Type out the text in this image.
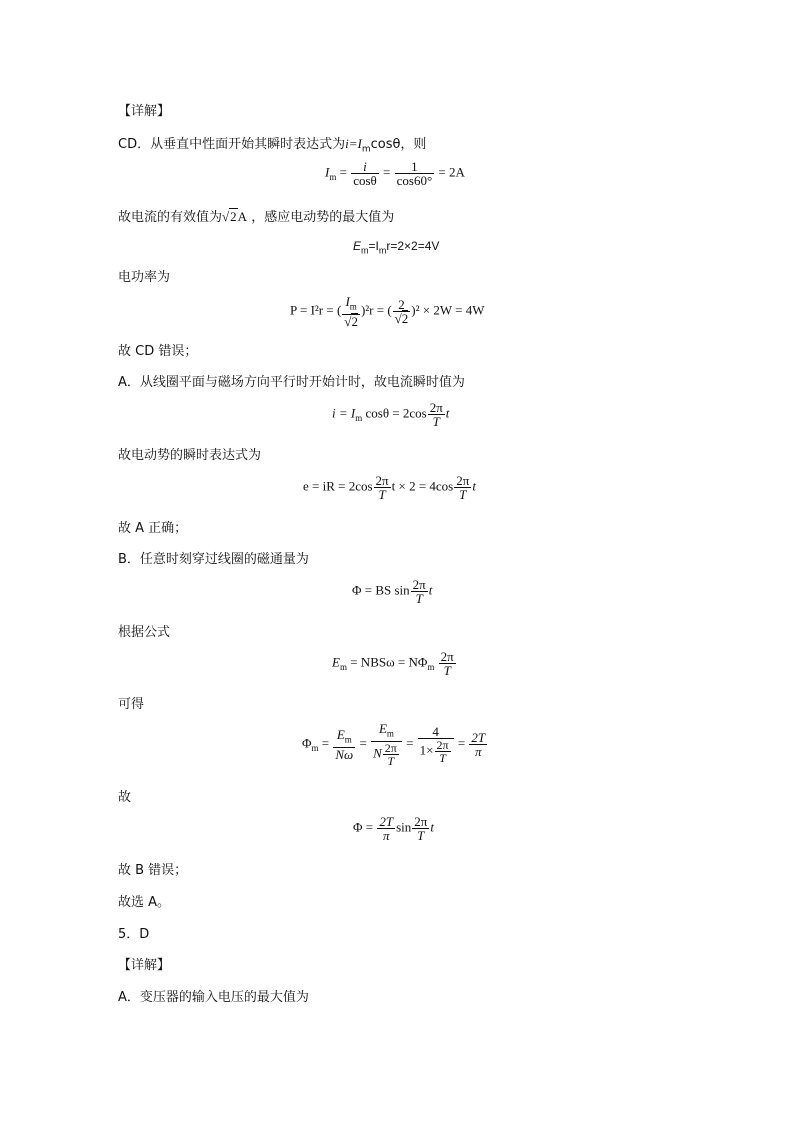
【详解】
CD．从垂直中性面开始其瞬时表达式为$i=I_m\cos\theta$，则
$I_m = \frac{i}{\cos\theta} = \frac{1}{\cos 60^\circ} = 2A$
故电流的有效值为√2A ，感应电动势的最大值为
$E_m=I_mr=2\times 2=4V$
电功率为
P = I²r = ( $\frac{I_m}{√2} )^2r$ = ( $\frac{2}{√2} )^2 \times 2W = 4W$
故 CD 错误；
A．从线圈平面与磁场方向平行时开始计时，故电流瞬时值为
$i = I_m$ $\cos\theta = 2\cos \frac{2\pi}{T}$ t
故电动势的瞬时表达式为
e = iR = $2\cos \frac{2\pi}{T}$ $t \times 2 = 4\cos \frac{2\pi}{T}$ t
故 A 正确；
B．任意时刻穿过线圈的磁通量为
Φ = BS $\sin \frac{2\pi}{T}$ t
根据公式
$E_m = NBS\omega = N\Phi_m \frac{2\pi}{T}$
可得
$\Phi_m = \frac{E_m}{N\omega} = \frac{E_m}{N \frac{2\pi}{T}} = \frac{4}{1\times \frac{2\pi}{T}} = \frac{2T}{\pi}$
故
$\Phi = \frac{2T}{\pi}$ $\sin \frac{2\pi}{T}$ t
故 B 错误；
故选 A。
5．D
【详解】
A．变压器的输入电压的最大值为
